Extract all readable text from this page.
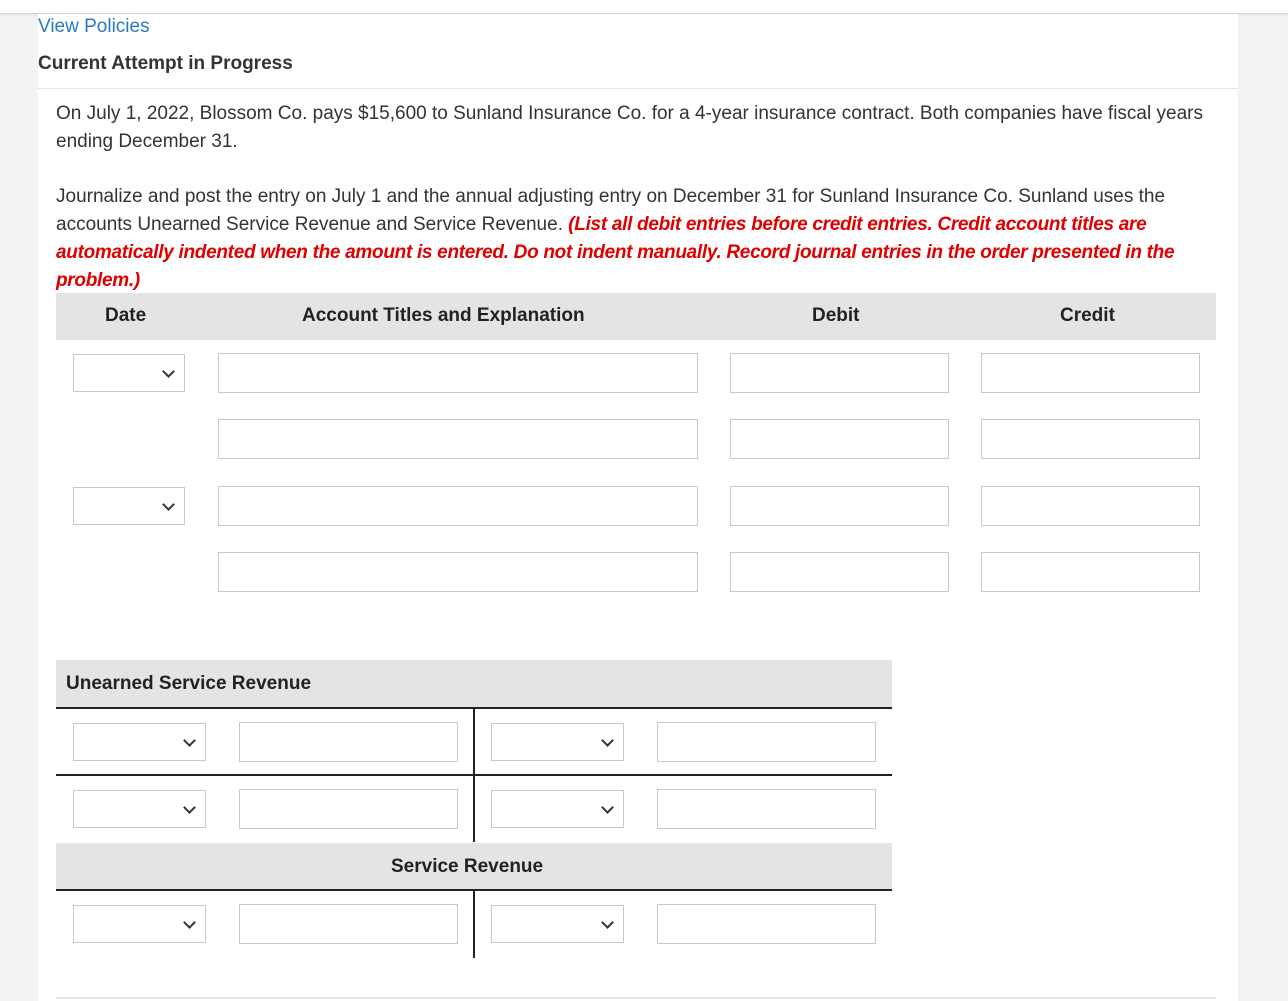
View Policies
Current Attempt in Progress

On July 1, 2022, Blossom Co. pays $15,600 to Sunland Insurance Co. for a 4-year insurance contract. Both companies have fiscal years ending December 31.

Journalize and post the entry on July 1 and the annual adjusting entry on December 31 for Sunland Insurance Co. Sunland uses the accounts Unearned Service Revenue and Service Revenue. (List all debit entries before credit entries. Credit account titles are automatically indented when the amount is entered. Do not indent manually. Record journal entries in the order presented in the problem.)

Date	Account Titles and Explanation	Debit	Credit
Unearned Service Revenue
Service Revenue
